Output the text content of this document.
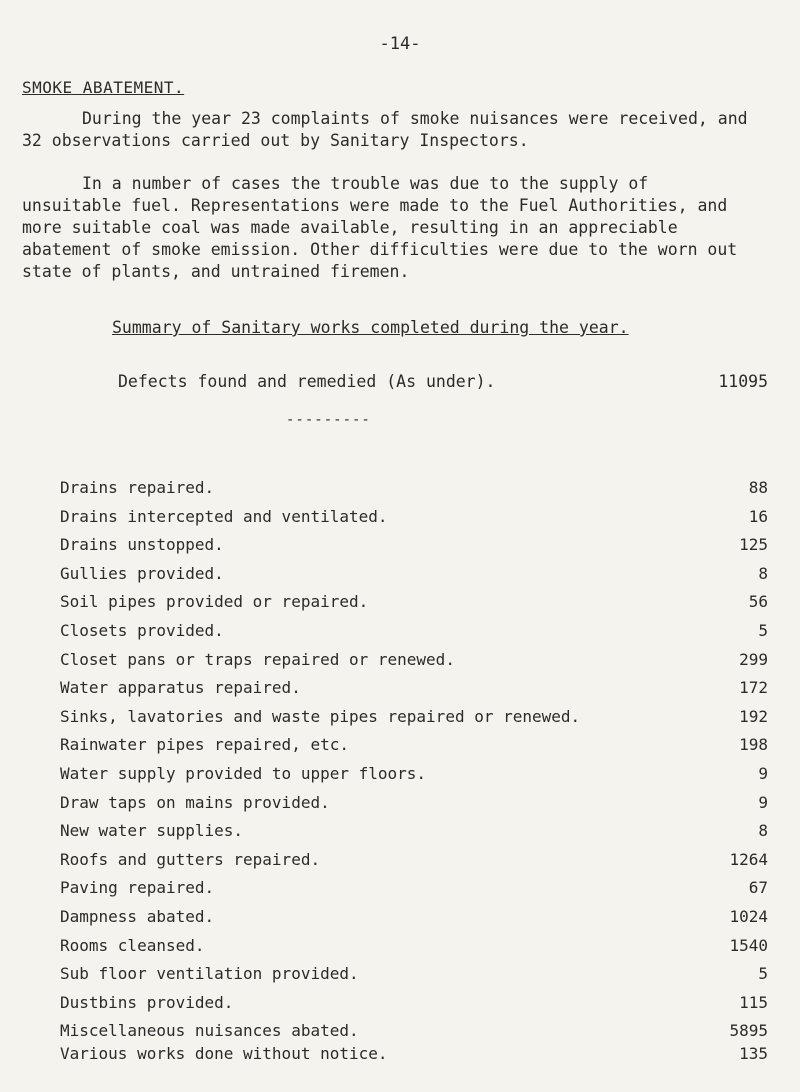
-14-
SMOKE ABATEMENT.

During the year 23 complaints of smoke nuisances were received, and 32 observations carried out by Sanitary Inspectors.

In a number of cases the trouble was due to the supply of unsuitable fuel. Representations were made to the Fuel Authorities, and more suitable coal was made available, resulting in an appreciable abatement of smoke emission. Other difficulties were due to the worn out state of plants, and untrained firemen.

Summary of Sanitary works completed during the year.
Defects found and remedied (As under).	11095
---------
Drains repaired.	88
Drains intercepted and ventilated.	16
Drains unstopped.	125
Gullies provided.	8
Soil pipes provided or repaired.	56
Closets provided.	5
Closet pans or traps repaired or renewed.	299
Water apparatus repaired.	172
Sinks, lavatories and waste pipes repaired or renewed.	192
Rainwater pipes repaired, etc.	198
Water supply provided to upper floors.	9
Draw taps on mains provided.	9
New water supplies.	8
Roofs and gutters repaired.	1264
Paving repaired.	67
Dampness abated.	1024
Rooms cleansed.	1540
Sub floor ventilation provided.	5
Dustbins provided.	115
Miscellaneous nuisances abated.	5895
Various works done without notice.	135
